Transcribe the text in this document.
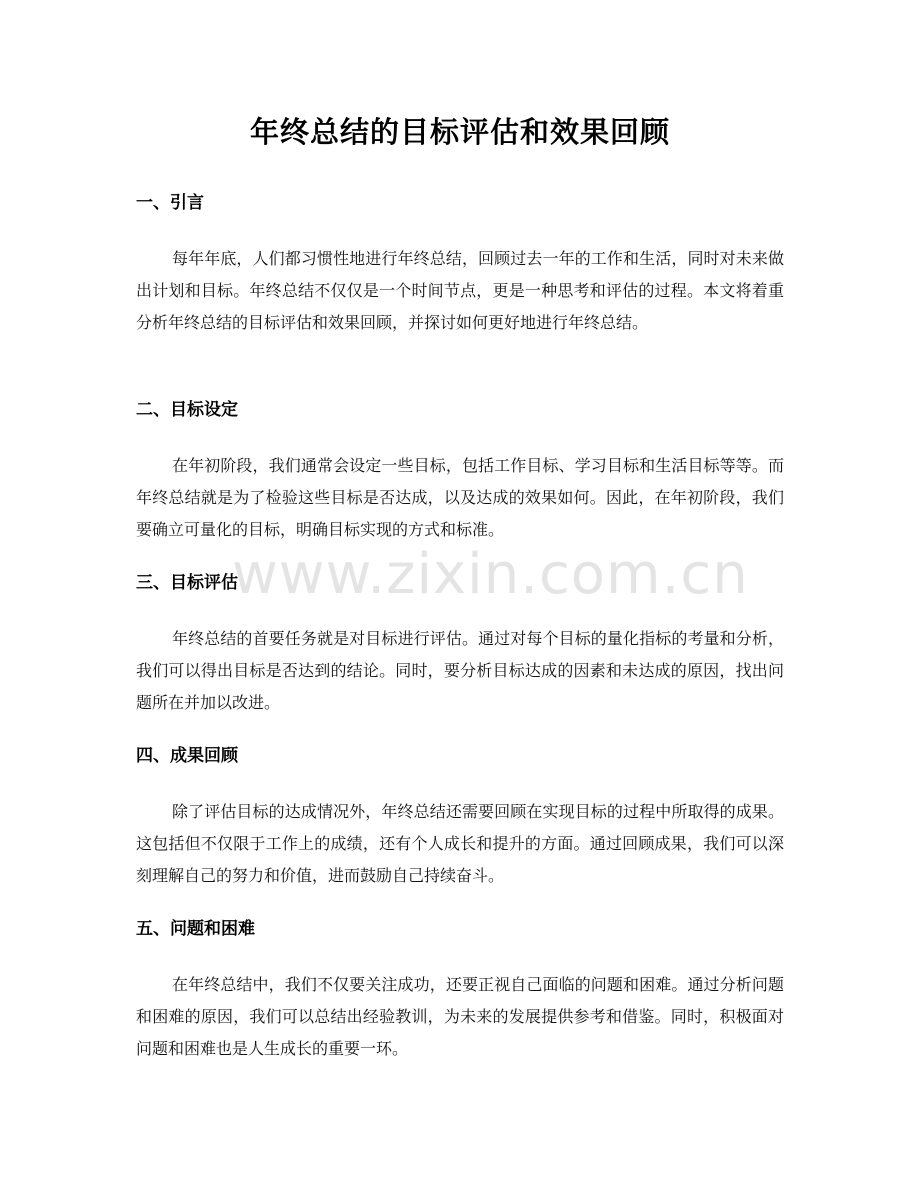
年终总结的目标评估和效果回顾
一、引言

每年年底，人们都习惯性地进行年终总结，回顾过去一年的工作和生活，同时对未来做出计划和目标。年终总结不仅仅是一个时间节点，更是一种思考和评估的过程。本文将着重分析年终总结的目标评估和效果回顾，并探讨如何更好地进行年终总结。

二、目标设定

在年初阶段，我们通常会设定一些目标，包括工作目标、学习目标和生活目标等等。而年终总结就是为了检验这些目标是否达成，以及达成的效果如何。因此，在年初阶段，我们要确立可量化的目标，明确目标实现的方式和标准。

三、目标评估

年终总结的首要任务就是对目标进行评估。通过对每个目标的量化指标的考量和分析，我们可以得出目标是否达到的结论。同时，要分析目标达成的因素和未达成的原因，找出问题所在并加以改进。

四、成果回顾

除了评估目标的达成情况外，年终总结还需要回顾在实现目标的过程中所取得的成果。这包括但不仅限于工作上的成绩，还有个人成长和提升的方面。通过回顾成果，我们可以深刻理解自己的努力和价值，进而鼓励自己持续奋斗。

五、问题和困难

在年终总结中，我们不仅要关注成功，还要正视自己面临的问题和困难。通过分析问题和困难的原因，我们可以总结出经验教训，为未来的发展提供参考和借鉴。同时，积极面对问题和困难也是人生成长的重要一环。

www.zixin.com.cn
